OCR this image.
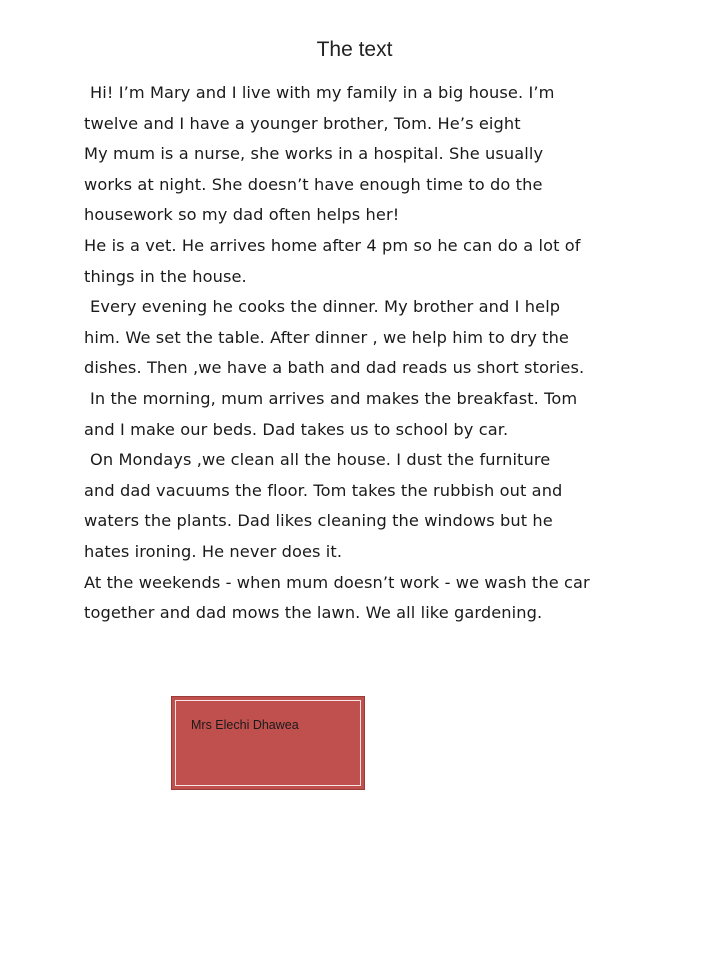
The text
Hi! I’m Mary and I live with my family in a big house. I’m
twelve and I have a younger brother, Tom. He’s eight
My mum is a nurse, she works in a hospital. She usually
works at night. She doesn’t have enough time to do the
housework so my dad often helps her!
He is a vet. He arrives home after 4 pm so he can do a lot of
things in the house.
Every evening he cooks the dinner. My brother and I help
him. We set the table. After dinner , we help him to dry the
dishes. Then ,we have a bath and dad reads us short stories.
In the morning, mum arrives and makes the breakfast. Tom
and I make our beds. Dad takes us to school by car.
On Mondays ,we clean all the house. I dust the furniture
and dad vacuums the floor. Tom takes the rubbish out and
waters the plants. Dad likes cleaning the windows but he
hates ironing. He never does it.
At the weekends - when mum doesn’t work - we wash the car
together and dad mows the lawn. We all like gardening.
Mrs Elechi Dhawea
